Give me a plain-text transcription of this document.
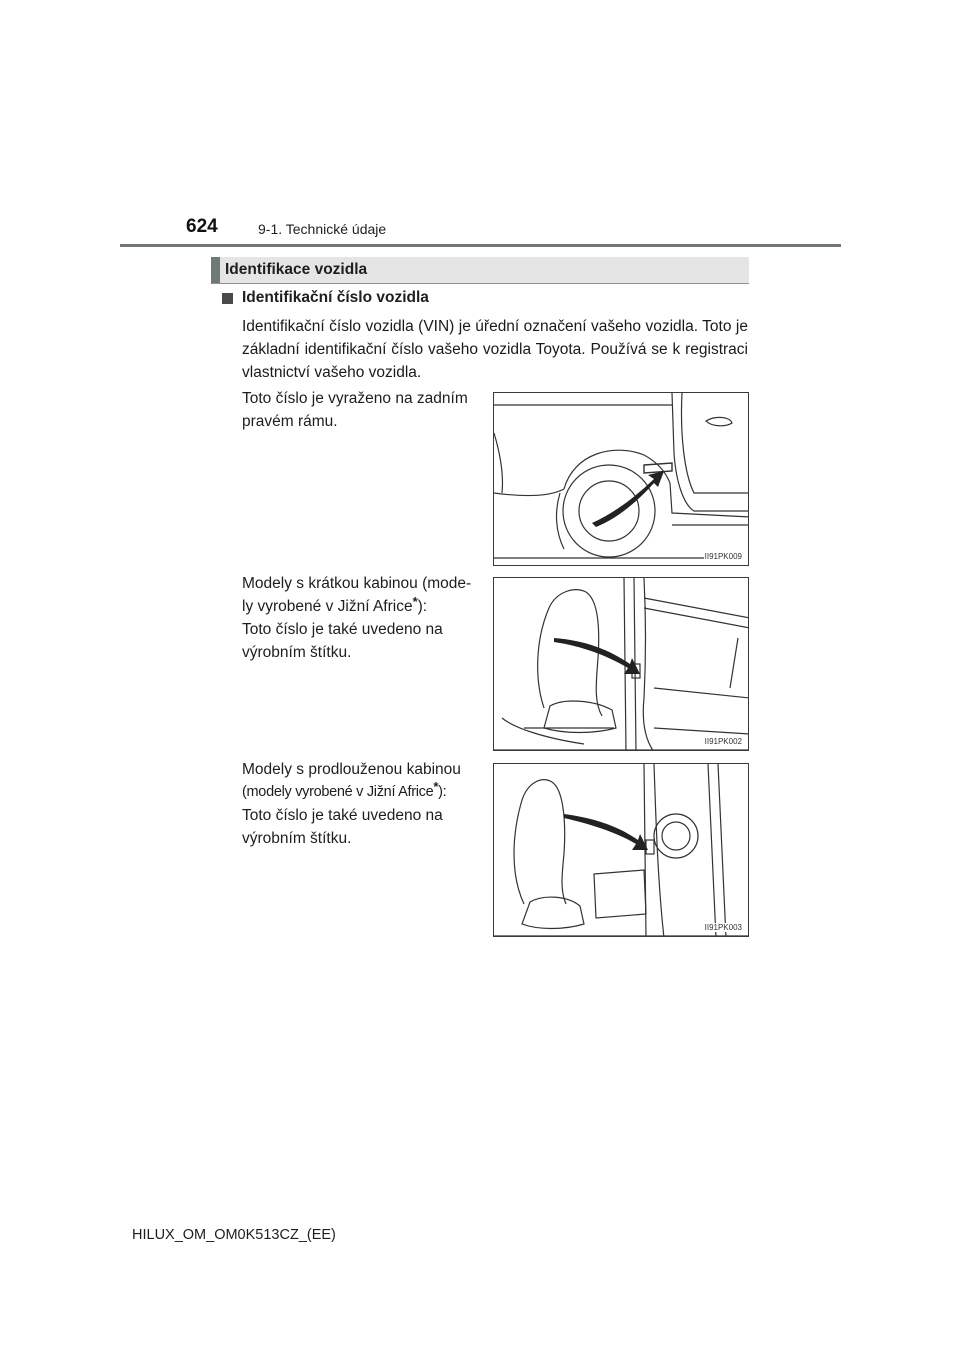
624	9-1. Technické údaje
Identifikace vozidla
Identifikační číslo vozidla
Identifikační číslo vozidla (VIN) je úřední označení vašeho vozidla. Toto je základní identifikační číslo vašeho vozidla Toyota. Používá se k registraci vlastnictví vašeho vozidla.
Toto číslo je vyraženo na zadním
pravém rámu.
Modely s krátkou kabinou (mode-
ly vyrobené v Jižní Africe*):
Toto číslo je také uvedeno na
výrobním štítku.
Modely s prodlouženou kabinou
(modely vyrobené v Jižní Africe*):
Toto číslo je také uvedeno na
výrobním štítku.
II91PK009
II91PK002
II91PK003
HILUX_OM_OM0K513CZ_(EE)
